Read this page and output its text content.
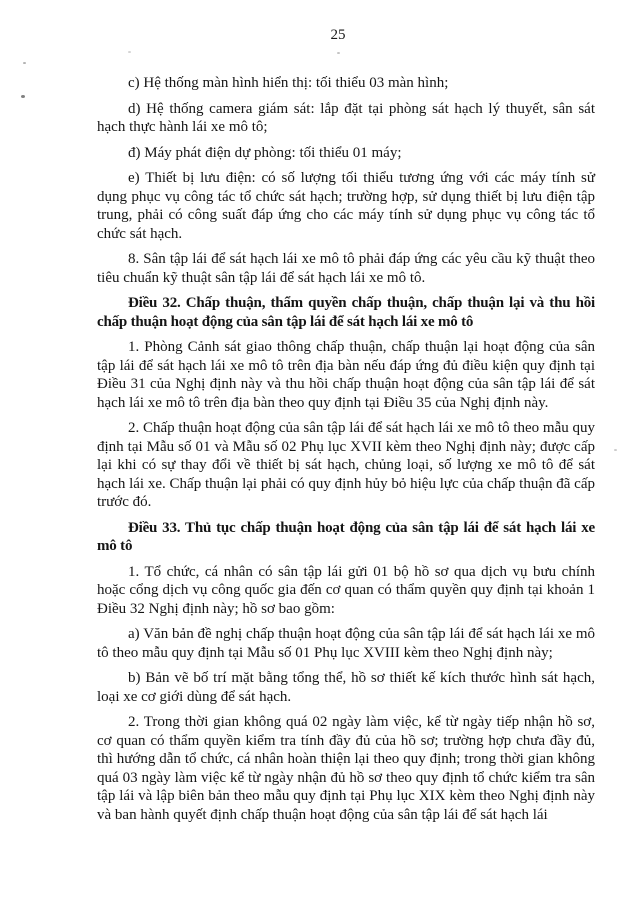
25

c) Hệ thống màn hình hiển thị: tối thiểu 03 màn hình;

d) Hệ thống camera giám sát: lắp đặt tại phòng sát hạch lý thuyết, sân sát hạch thực hành lái xe mô tô;

đ) Máy phát điện dự phòng: tối thiểu 01 máy;

e) Thiết bị lưu điện: có số lượng tối thiểu tương ứng với các máy tính sử dụng phục vụ công tác tổ chức sát hạch; trường hợp, sử dụng thiết bị lưu điện tập trung, phải có công suất đáp ứng cho các máy tính sử dụng phục vụ công tác tổ chức sát hạch.

8. Sân tập lái để sát hạch lái xe mô tô phải đáp ứng các yêu cầu kỹ thuật theo tiêu chuẩn kỹ thuật sân tập lái để sát hạch lái xe mô tô.

Điều 32. Chấp thuận, thẩm quyền chấp thuận, chấp thuận lại và thu hồi chấp thuận hoạt động của sân tập lái để sát hạch lái xe mô tô

1. Phòng Cảnh sát giao thông chấp thuận, chấp thuận lại hoạt động của sân tập lái để sát hạch lái xe mô tô trên địa bàn nếu đáp ứng đủ điều kiện quy định tại Điều 31 của Nghị định này và thu hồi chấp thuận hoạt động của sân tập lái để sát hạch lái xe mô tô trên địa bàn theo quy định tại Điều 35 của Nghị định này.

2. Chấp thuận hoạt động của sân tập lái để sát hạch lái xe mô tô theo mẫu quy định tại Mẫu số 01 và Mẫu số 02 Phụ lục XVII kèm theo Nghị định này; được cấp lại khi có sự thay đổi về thiết bị sát hạch, chủng loại, số lượng xe mô tô để sát hạch lái xe. Chấp thuận lại phải có quy định hủy bỏ hiệu lực của chấp thuận đã cấp trước đó.

Điều 33. Thủ tục chấp thuận hoạt động của sân tập lái để sát hạch lái xe mô tô

1. Tổ chức, cá nhân có sân tập lái gửi 01 bộ hồ sơ qua dịch vụ bưu chính hoặc cổng dịch vụ công quốc gia đến cơ quan có thẩm quyền quy định tại khoản 1 Điều 32 Nghị định này; hồ sơ bao gồm:

a) Văn bản đề nghị chấp thuận hoạt động của sân tập lái để sát hạch lái xe mô tô theo mẫu quy định tại Mẫu số 01 Phụ lục XVIII kèm theo Nghị định này;

b) Bản vẽ bố trí mặt bằng tổng thể, hồ sơ thiết kế kích thước hình sát hạch, loại xe cơ giới dùng để sát hạch.

2. Trong thời gian không quá 02 ngày làm việc, kể từ ngày tiếp nhận hồ sơ, cơ quan có thẩm quyền kiểm tra tính đầy đủ của hồ sơ; trường hợp chưa đầy đủ, thì hướng dẫn tổ chức, cá nhân hoàn thiện lại theo quy định; trong thời gian không quá 03 ngày làm việc kể từ ngày nhận đủ hồ sơ theo quy định tổ chức kiểm tra sân tập lái và lập biên bản theo mẫu quy định tại Phụ lục XIX kèm theo Nghị định này và ban hành quyết định chấp thuận hoạt động của sân tập lái để sát hạch lái
